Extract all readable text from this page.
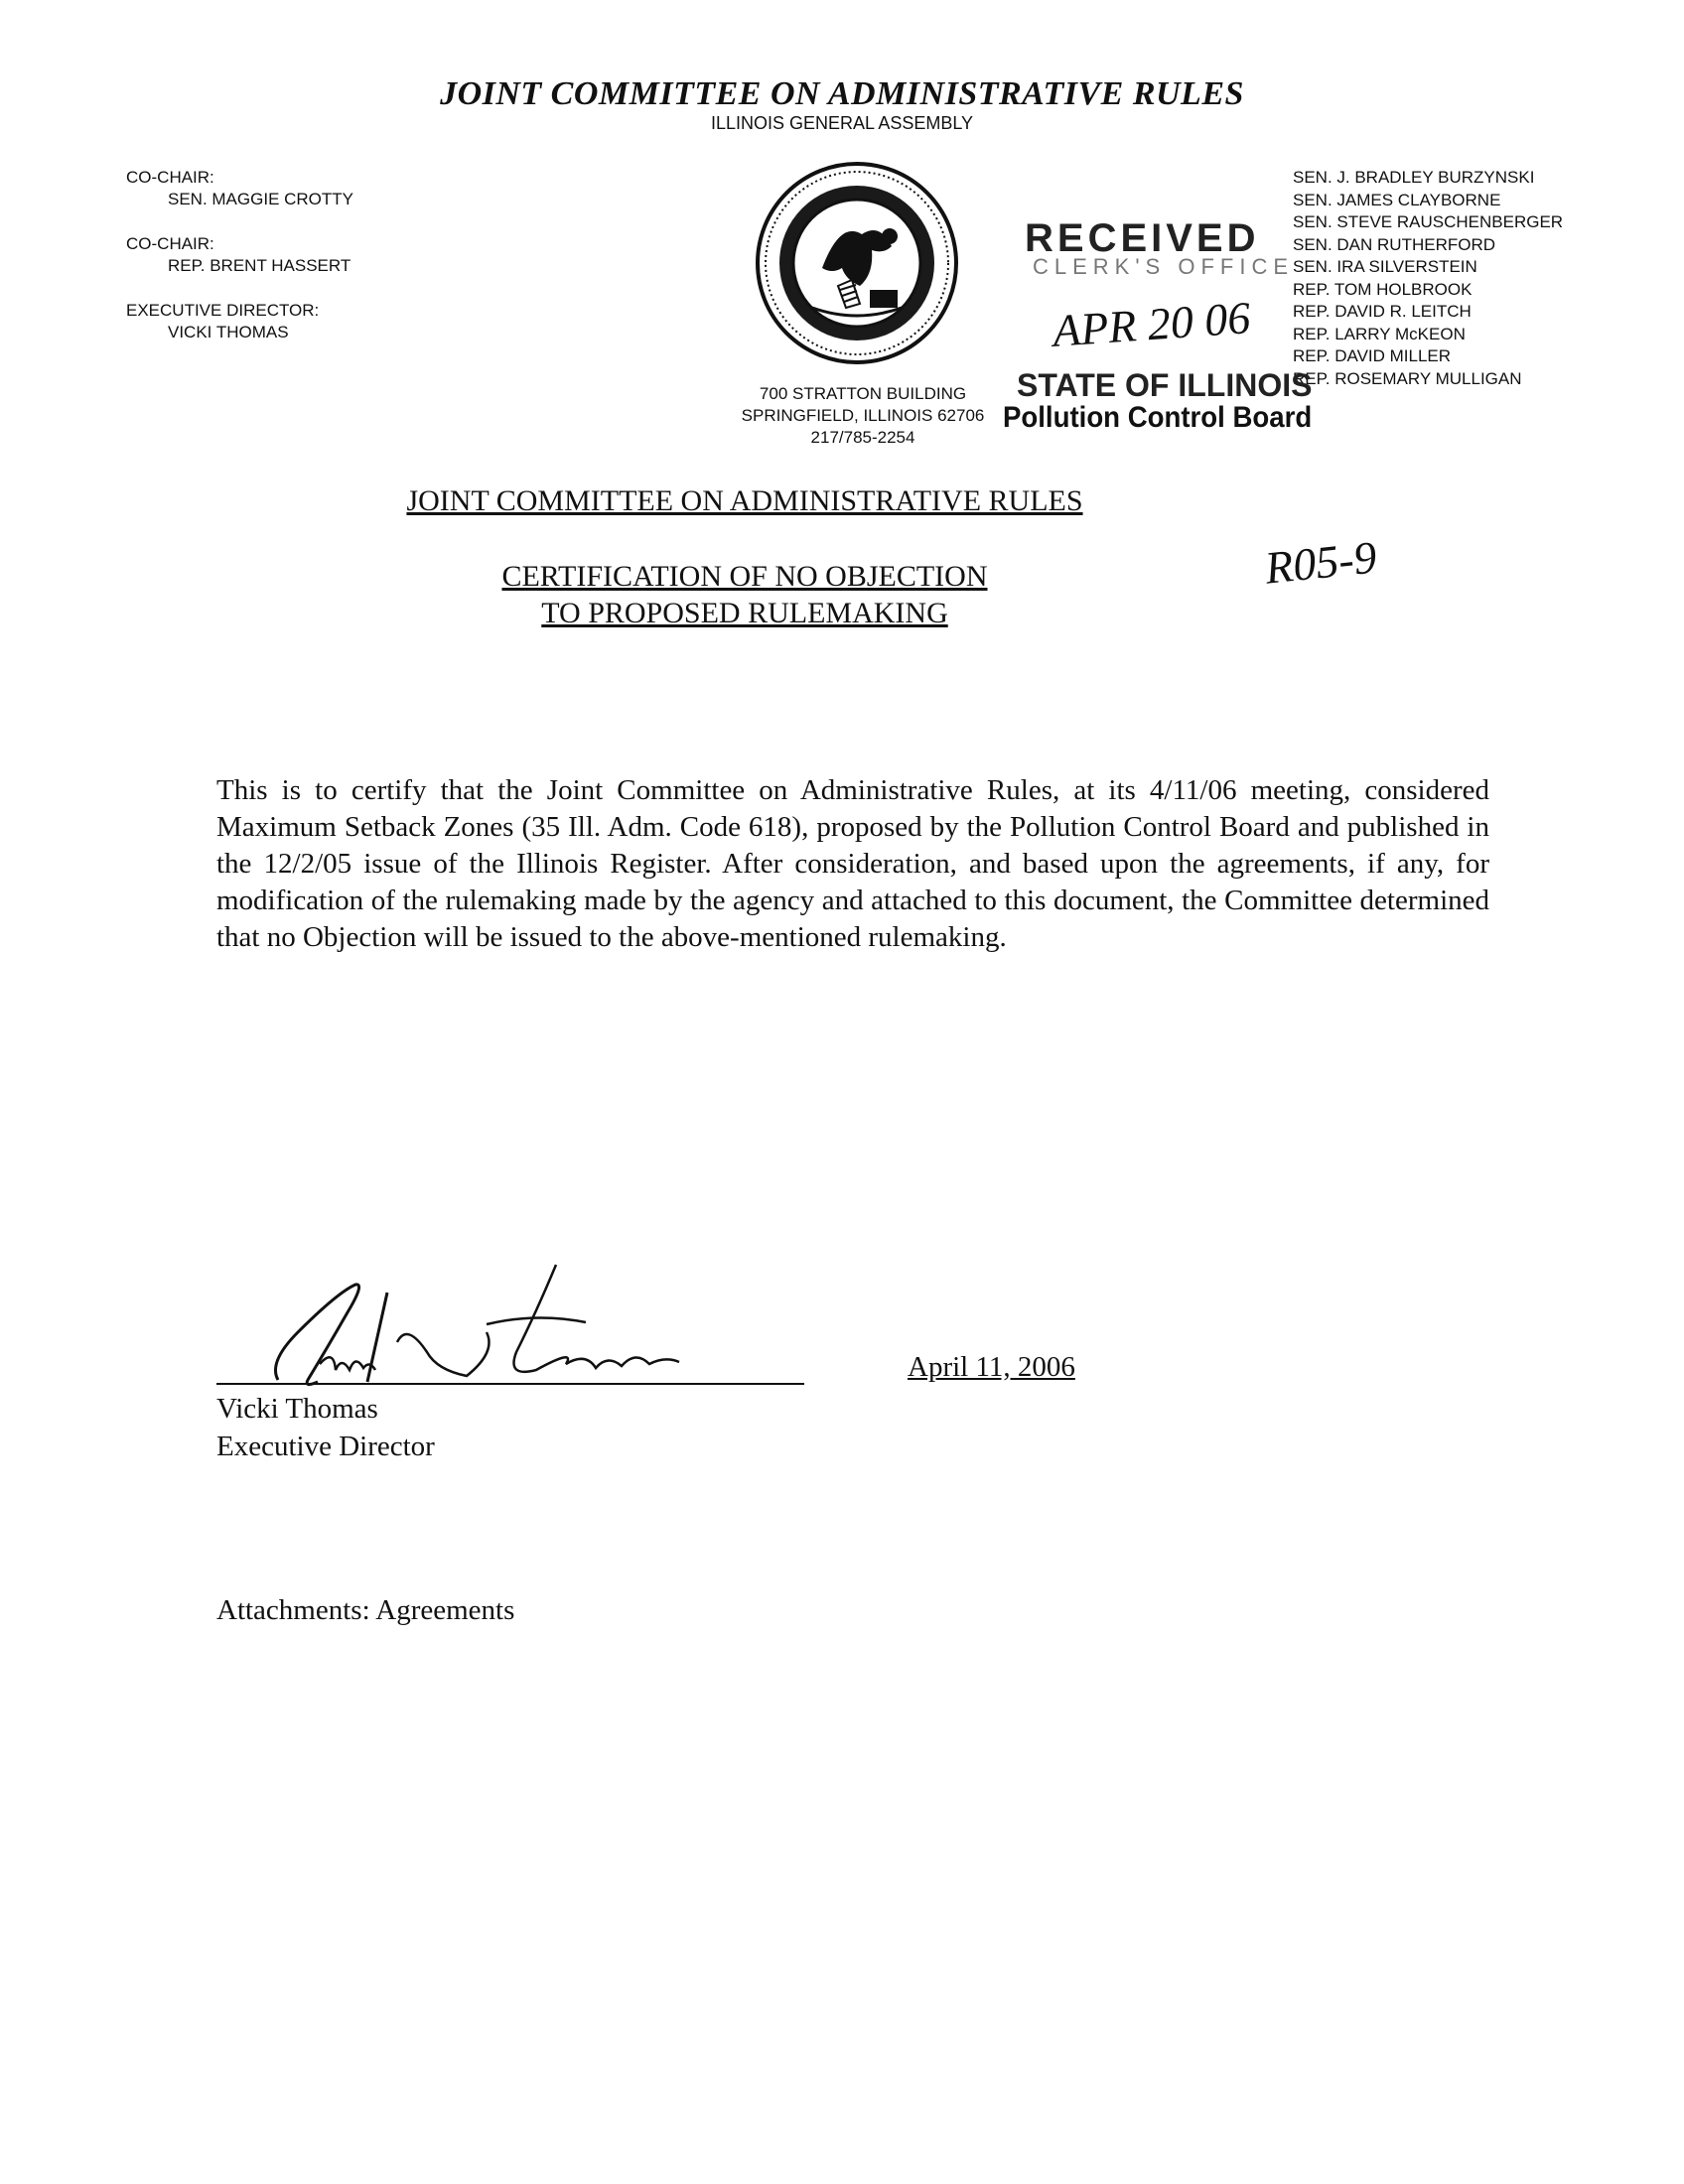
JOINT COMMITTEE ON ADMINISTRATIVE RULES
ILLINOIS GENERAL ASSEMBLY
CO-CHAIR:
SEN. MAGGIE CROTTY
CO-CHAIR:
REP. BRENT HASSERT
EXECUTIVE DIRECTOR:
VICKI THOMAS
700 STRATTON BUILDING
SPRINGFIELD, ILLINOIS 62706
217/785-2254
SEN. J. BRADLEY BURZYNSKI
SEN. JAMES CLAYBORNE
SEN. STEVE RAUSCHENBERGER
SEN. DAN RUTHERFORD
SEN. IRA SILVERSTEIN
REP. TOM HOLBROOK
REP. DAVID R. LEITCH
REP. LARRY McKEON
REP. DAVID MILLER
REP. ROSEMARY MULLIGAN
RECEIVED
CLERK'S OFFICE
APR 20 06
STATE OF ILLINOIS
Pollution Control Board
JOINT COMMITTEE ON ADMINISTRATIVE RULES
CERTIFICATION OF NO OBJECTION
TO PROPOSED RULEMAKING
R05-9
This is to certify that the Joint Committee on Administrative Rules, at its 4/11/06 meeting, considered Maximum Setback Zones (35 Ill. Adm. Code 618), proposed by the Pollution Control Board and published in the 12/2/05 issue of the Illinois Register. After consideration, and based upon the agreements, if any, for modification of the rulemaking made by the agency and attached to this document, the Committee determined that no Objection will be issued to the above-mentioned rulemaking.
April 11, 2006
Vicki Thomas
Executive Director
Attachments: Agreements
